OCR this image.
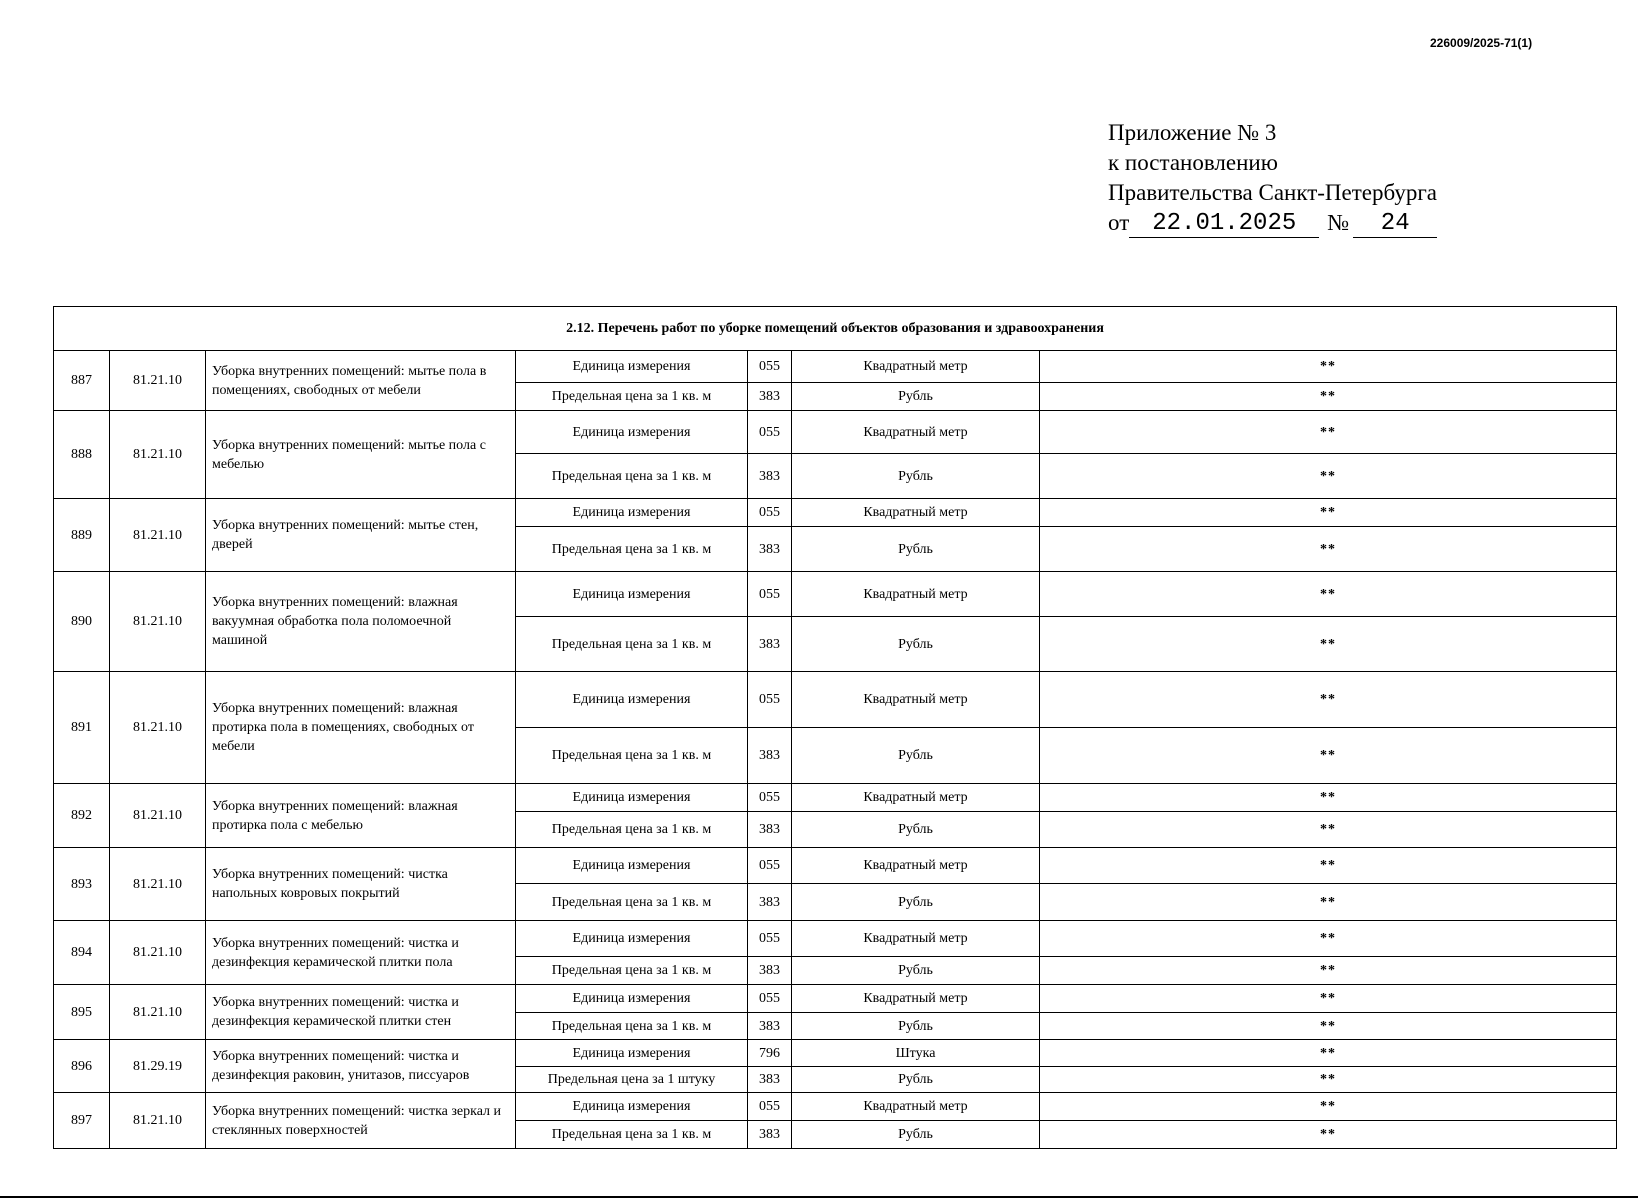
226009/2025-71(1)
Приложение № 3
к постановлению
Правительства Санкт-Петербурга
от 22.01.2025	№	24
2.12. Перечень работ по уборке помещений объектов образования и здравоохранения						
887	81.21.10	Уборка внутренних помещений: мытье пола в помещениях, свободных от мебели	Единица измерения	055	Квадратный метр	**
			Предельная цена за 1 кв. м	383	Рубль	**
888	81.21.10	Уборка внутренних помещений: мытье пола с мебелью	Единица измерения	055	Квадратный метр	**
			Предельная цена за 1 кв. м	383	Рубль	**
889	81.21.10	Уборка внутренних помещений: мытье стен, дверей	Единица измерения	055	Квадратный метр	**
			Предельная цена за 1 кв. м	383	Рубль	**
890	81.21.10	Уборка внутренних помещений: влажная вакуумная обработка пола поломоечной машиной	Единица измерения	055	Квадратный метр	**
			Предельная цена за 1 кв. м	383	Рубль	**
891	81.21.10	Уборка внутренних помещений: влажная протирка пола в помещениях, свободных от мебели	Единица измерения	055	Квадратный метр	**
			Предельная цена за 1 кв. м	383	Рубль	**
892	81.21.10	Уборка внутренних помещений: влажная протирка пола с мебелью	Единица измерения	055	Квадратный метр	**
			Предельная цена за 1 кв. м	383	Рубль	**
893	81.21.10	Уборка внутренних помещений: чистка напольных ковровых покрытий	Единица измерения	055	Квадратный метр	**
			Предельная цена за 1 кв. м	383	Рубль	**
894	81.21.10	Уборка внутренних помещений: чистка и дезинфекция керамической плитки пола	Единица измерения	055	Квадратный метр	**
			Предельная цена за 1 кв. м	383	Рубль	**
895	81.21.10	Уборка внутренних помещений: чистка и дезинфекция керамической плитки стен	Единица измерения	055	Квадратный метр	**
			Предельная цена за 1 кв. м	383	Рубль	**
896	81.29.19	Уборка внутренних помещений: чистка и дезинфекция раковин, унитазов, писсуаров	Единица измерения	796	Штука	**
			Предельная цена за 1 штуку	383	Рубль	**
897	81.21.10	Уборка внутренних помещений: чистка зеркал и стеклянных поверхностей	Единица измерения	055	Квадратный метр	**
			Предельная цена за 1 кв. м	383	Рубль	**
